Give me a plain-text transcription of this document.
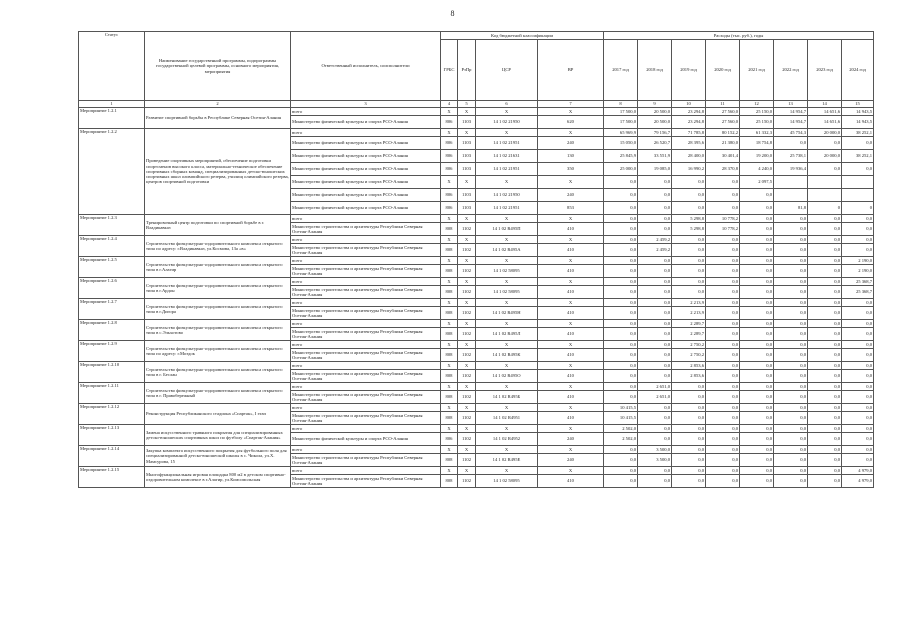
8
Статус	Наименование государственной программы, подпрограммы государственной целевой программы, основного мероприятия, мероприятия	Ответственный исполнитель, соисполнители	Код бюджетной классификации				Расходы (тыс. руб.), годы							
			ГРБС	РзПр	ЦСР	ВР	2017 год	2018 год	2019 год	2020 год	2021 год	2022 год	2023 год	2024 год
1	2	3	4	5	6	7	8	9	10	11	12	13	14	15
Мероприятие 1.2.1	Развитие спортивной борьбы в Республике Северная Осетия-Алания	всего	X	X	X	X	17 500,0	20 500,0	23 294,8	27 560,0	25 150,0	14 954,7	14 651,6	14 943,5
		Министерство физической культуры и спорта РСО-Алания	806	1103	14 1 02 21950	620	17 500,0	20 500,0	23 294,8	27 560,0	25 150,0	14 954,7	14 651,6	14 943,5
Мероприятие 1.2.2	Проведение спортивных мероприятий, обеспечение подготовки спортсменов высокого класса, материально-техническое обеспечение спортивных сборных команд, специализированных детско-юношеских спортивных школ олимпийского резерва, училищ олимпийского резерва, центров спортивной подготовки	всего	X	X	X	X	65 969,9	79 156,7	71 785,8	80 152,2	61 332,3	45 754,3	20 000,0	38 252,1
		Министерство физической культуры и спорта РСО-Алания	806	1103	14 1 02 21951	240	15 050,0	26 520,7	28 395,6	21 380,0	18 754,8	0,0	0,0	0,0
		Министерство физической культуры и спорта РСО-Алания	806	1103	14 1 02 21631	130	25 845,9	33 551,9	28 400,0	30 401,4	19 200,0	25 738,1	20 000,0	38 252,1
		Министерство физической культуры и спорта РСО-Алания	806	1103	14 1 02 21951	350	25 000,0	19 085,0	16 990,2	28 370,8	4 240,0	19 936,4	0,0	0,0
		Министерство физической культуры и спорта РСО-Алания	X	X	X	X	0,0	0,0	0,0	0,0	2 097,5			
		Министерство физической культуры и спорта РСО-Алания	806	1103	14 1 02 21950	240	0,0	0,0	0,0	0,0	0,0			
		Министерство физической культуры и спорта РСО-Алания	806	1103	14 1 02 21951	853	0,0	0,0	0,0	0,0	0,0	81,8	0	0
Мероприятие 1.2.3	Тренировочный центр подготовки по спортивной борьбе в г. Владикавказ	всего	X	X	X	X	0,0	0,0	5 298,8	10 778,2	0,0	0,0	0,0	0,0
		Министерство строительства и архитектуры Республики Северная Осетия-Алания	808	1102	14 1 02 R495П	410	0,0	0,0	5 298,8	10 778,2	0,0	0,0	0,0	0,0
Мероприятие 1.2.4	Строительство физкультурно-оздоровительного комплекса открытого типа по адресу: г.Владикавказ, ул.Космова, 13а «в»	всего	X	X	X	X	0,0	2 459,2	0,0	0,0	0,0	0,0	0,0	0,0
		Министерство строительства и архитектуры Республики Северная Осетия-Алания	808	1102	14 1 02 R495А	410	0,0	2 459,2	0,0	0,0	0,0	0,0	0,0	0,0
Мероприятие 1.2.5	Строительство физкультурно-оздоровительного комплекса открытого типа в г.Алагир	всего	X	X	X	X	0,0	0,0	0,0	0,0	0,0	0,0	0,0	2 190,0
		Министерство строительства и архитектуры Республики Северная Осетия-Алания	808	1102	14 1 02 58095	410	0,0	0,0	0,0	0,0	0,0	0,0	0,0	2 190,0
Мероприятие 1.2.6	Строительство физкультурно-оздоровительного комплекса открытого типа в г.Ардон	всего	X	X	X	X	0,0	0,0	0,0	0,0	0,0	0,0	0,0	25 368,7
		Министерство строительства и архитектуры Республики Северная Осетия-Алания	808	1102	14 1 02 58095	410	0,0	0,0	0,0	0,0	0,0	0,0	0,0	25 368,7
Мероприятие 1.2.7	Строительство физкультурно-оздоровительного комплекса открытого типа в г.Дигора	всего	X	X	X	X	0,0	0,0	2 213,9	0,0	0,0	0,0	0,0	0,0
		Министерство строительства и архитектуры Республики Северная Осетия-Алания	808	1102	14 1 02 R495Н	410	0,0	0,0	2 213,9	0,0	0,0	0,0	0,0	0,0
Мероприятие 1.2.8	Строительство физкультурно-оздоровительного комплекса открытого типа в с.Эльхотово	всего	X	X	X	X	0,0	0,0	2 289,7	0,0	0,0	0,0	0,0	0,0
		Министерство строительства и архитектуры Республики Северная Осетия-Алания	808	1102	14 1 02 R495Л	410	0,0	0,0	2 289,7	0,0	0,0	0,0	0,0	0,0
Мероприятие 1.2.9	Строительство физкультурно-оздоровительного комплекса открытого типа по адресу: г.Моздок	всего	X	X	X	X	0,0	0,0	2 750,2	0,0	0,0	0,0	0,0	0,0
		Министерство строительства и архитектуры Республики Северная Осетия-Алания	808	1102	14 1 02 R495К	410	0,0	0,0	2 750,2	0,0	0,0	0,0	0,0	0,0
Мероприятие 1.2.10	Строительство физкультурно-оздоровительного комплекса открытого типа в г. Беслан	всего	X	X	X	X	0,0	0,0	2 853,6	0,0	0,0	0,0	0,0	0,0
		Министерство строительства и архитектуры Республики Северная Осетия-Алания	808	1102	14 1 02 R495О	410	0,0	0,0	2 853,6	0,0	0,0	0,0	0,0	0,0
Мероприятие 1.2.11	Строительство физкультурно-оздоровительного комплекса открытого типа в г. Правобережный	всего	X	X	X	X	0,0	2 651,0	0,0	0,0	0,0	0,0	0,0	0,0
		Министерство строительства и архитектуры Республики Северная Осетия-Алания	808	1102	14 1 02 R495Б	410	0,0	2 651,0	0,0	0,0	0,0	0,0	0,0	0,0
Мероприятие 1.2.12	Реконструкция Республиканского стадиона «Спартак», I этап	всего	X	X	X	X	10 415,5	0,0	0,0	0,0	0,0	0,0	0,0	0,0
		Министерство строительства и архитектуры Республики Северная Осетия-Алания	808	1102	14 1 02 R4951	410	10 415,5	0,0	0,0	0,0	0,0	0,0	0,0	0,0
Мероприятие 1.2.13	Замена искусственного травяного покрытия для специализированных детско-юношеских спортивных школ по футболу «Спартак-Алания»	всего	X	X	X	X	2 502,0	0,0	0,0	0,0	0,0	0,0	0,0	0,0
		Министерство физической культуры и спорта РСО-Алания	806	1102	14 1 02 R4952	240	2 502,0	0,0	0,0	0,0	0,0	0,0	0,0	0,0
Мероприятие 1.2.14	Закупка комплекта искусственного покрытия для футбольного поля для специализированной детско-юношеской школы в с. Чикола, ул.Х. Мамсурова, 15	всего	X	X	X	X	0,0	3 500,0	0,0	0,0	0,0	0,0	0,0	0,0
		Министерство строительства и архитектуры Республики Северная Осетия-Алания	808	1102	14 1 02 R495Е	240	0,0	3 500,0	0,0	0,0	0,0	0,0	0,0	0,0
Мероприятие 1.2.15	Многофункциональная игровая площадка 800 м2 в детском спортивно-оздоровительном комплексе в г.Алагир, ул.Комсомольская	всего	X	X	X	X	0,0	0,0	0,0	0,0	0,0	0,0	0,0	4 979,0
		Министерство строительства и архитектуры Республики Северная Осетия-Алания	808	1102	14 1 02 58095	410	0,0	0,0	0,0	0,0	0,0	0,0	0,0	4 979,0
